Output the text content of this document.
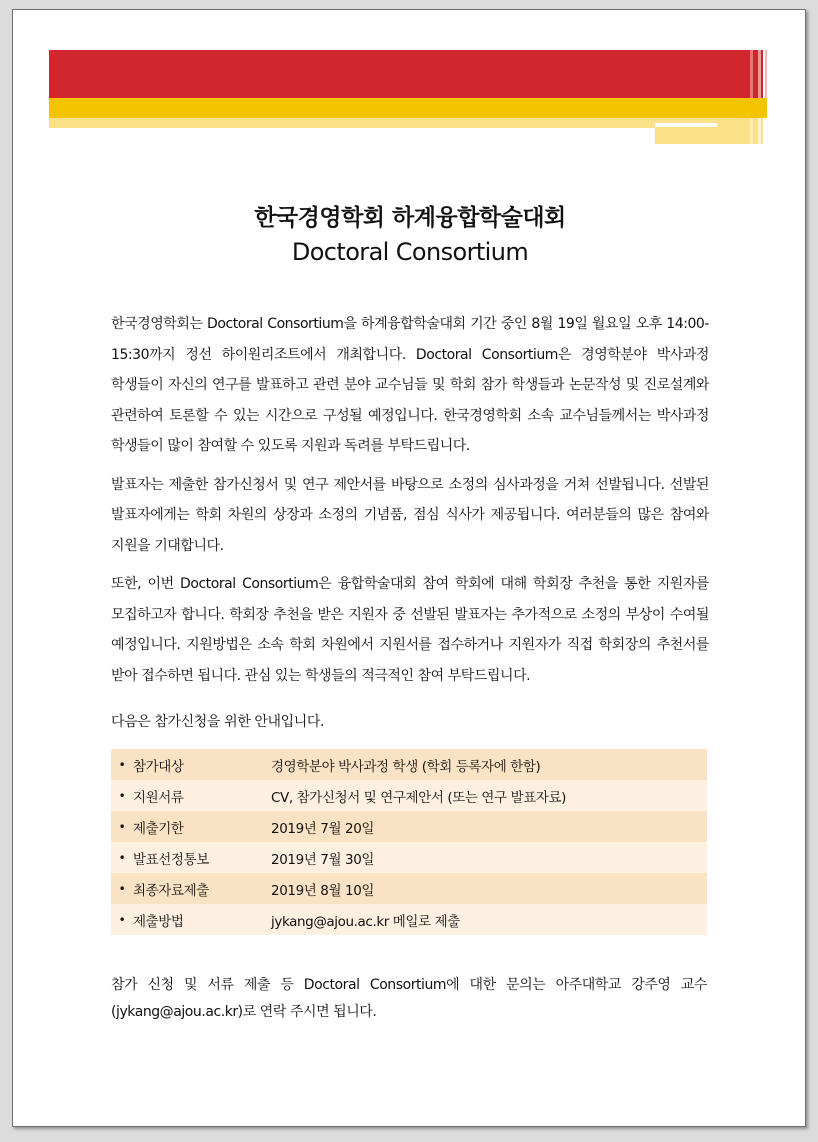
한국경영학회 하계융합학술대회
Doctoral Consortium

한국경영학회는 Doctoral Consortium을 하계융합학술대회 기간 중인 8월 19일 월요일 오후 14:00-15:30까지 정선 하이원리조트에서 개최합니다. Doctoral Consortium은 경영학분야 박사과정 학생들이 자신의 연구를 발표하고 관련 분야 교수님들 및 학회 참가 학생들과 논문작성 및 진로설계와 관련하여 토론할 수 있는 시간으로 구성될 예정입니다. 한국경영학회 소속 교수님들께서는 박사과정 학생들이 많이 참여할 수 있도록 지원과 독려를 부탁드립니다.

발표자는 제출한 참가신청서 및 연구 제안서를 바탕으로 소정의 심사과정을 거쳐 선발됩니다. 선발된 발표자에게는 학회 차원의 상장과 소정의 기념품, 점심 식사가 제공됩니다. 여러분들의 많은 참여와 지원을 기대합니다.

또한, 이번 Doctoral Consortium은 융합학술대회 참여 학회에 대해 학회장 추천을 통한 지원자를 모집하고자 합니다. 학회장 추천을 받은 지원자 중 선발된 발표자는 추가적으로 소정의 부상이 수여될 예정입니다. 지원방법은 소속 학회 차원에서 지원서를 접수하거나 지원자가 직접 학회장의 추천서를 받아 접수하면 됩니다. 관심 있는 학생들의 적극적인 참여 부탁드립니다.

다음은 참가신청을 위한 안내입니다.
•	참가대상	경영학분야 박사과정 학생 (학회 등록자에 한함)
•	지원서류	CV, 참가신청서 및 연구제안서 (또는 연구 발표자료)
•	제출기한	2019년 7월 20일
•	발표선정통보	2019년 7월 30일
•	최종자료제출	2019년 8월 10일
•	제출방법	jykang@ajou.ac.kr 메일로 제출
참가 신청 및 서류 제출 등 Doctoral Consortium에 대한 문의는 아주대학교 강주영 교수
(jykang@ajou.ac.kr)로 연락 주시면 됩니다.
